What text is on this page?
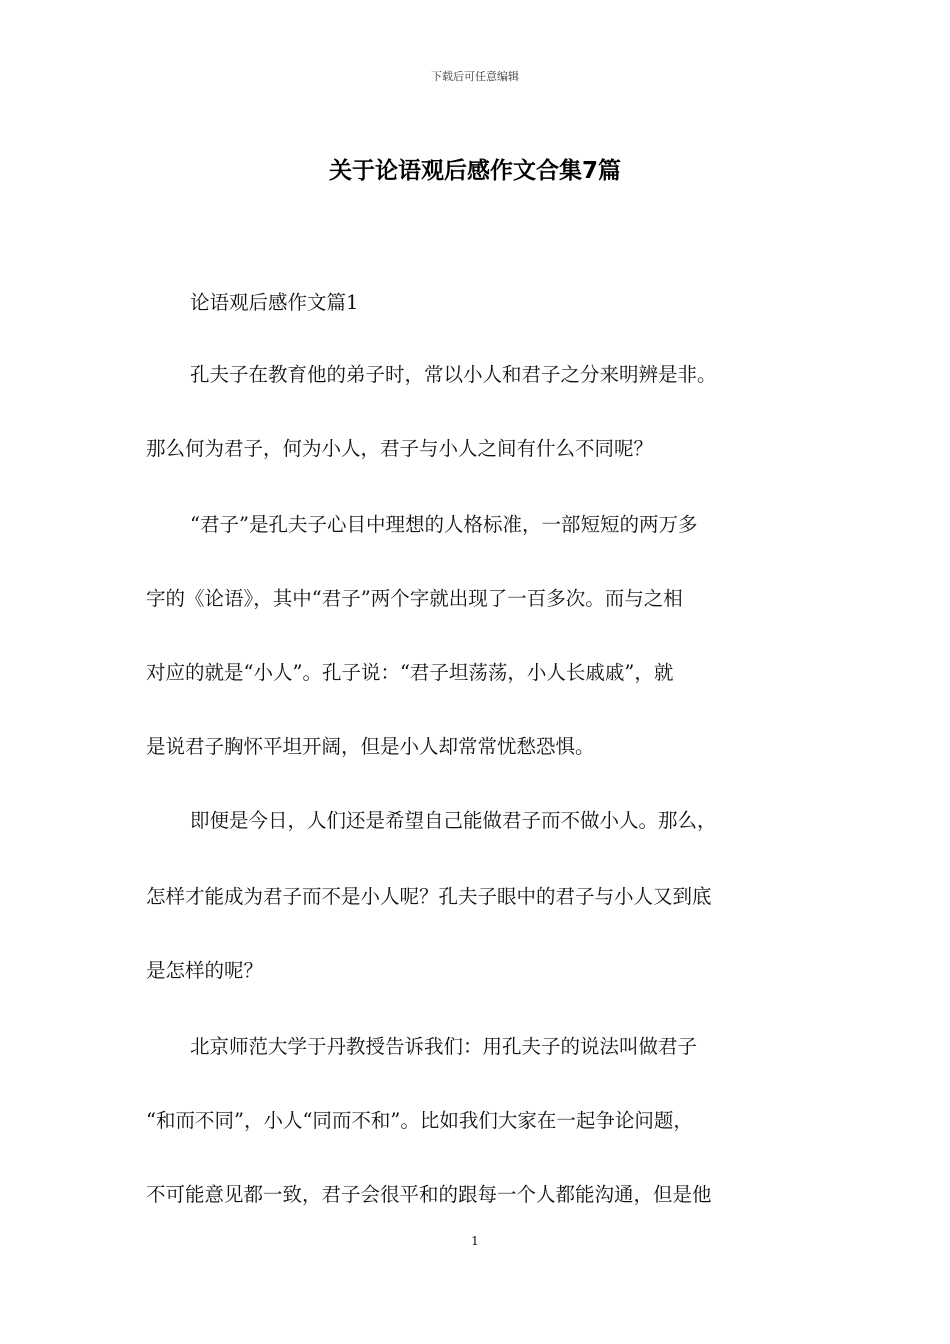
下载后可任意编辑
关于论语观后感作文合集7篇
论语观后感作文篇1
孔夫子在教育他的弟子时，常以小人和君子之分来明辨是非。
那么何为君子，何为小人，君子与小人之间有什么不同呢？
“君子”是孔夫子心目中理想的人格标准，一部短短的两万多
字的《论语》，其中“君子”两个字就出现了一百多次。而与之相
对应的就是“小人”。孔子说：“君子坦荡荡，小人长戚戚”，就
是说君子胸怀平坦开阔，但是小人却常常忧愁恐惧。
即便是今日，人们还是希望自己能做君子而不做小人。那么，
怎样才能成为君子而不是小人呢？孔夫子眼中的君子与小人又到底
是怎样的呢？
北京师范大学于丹教授告诉我们：用孔夫子的说法叫做君子
“和而不同”，小人“同而不和”。比如我们大家在一起争论问题，
不可能意见都一致，君子会很平和的跟每一个人都能沟通，但是他
1
